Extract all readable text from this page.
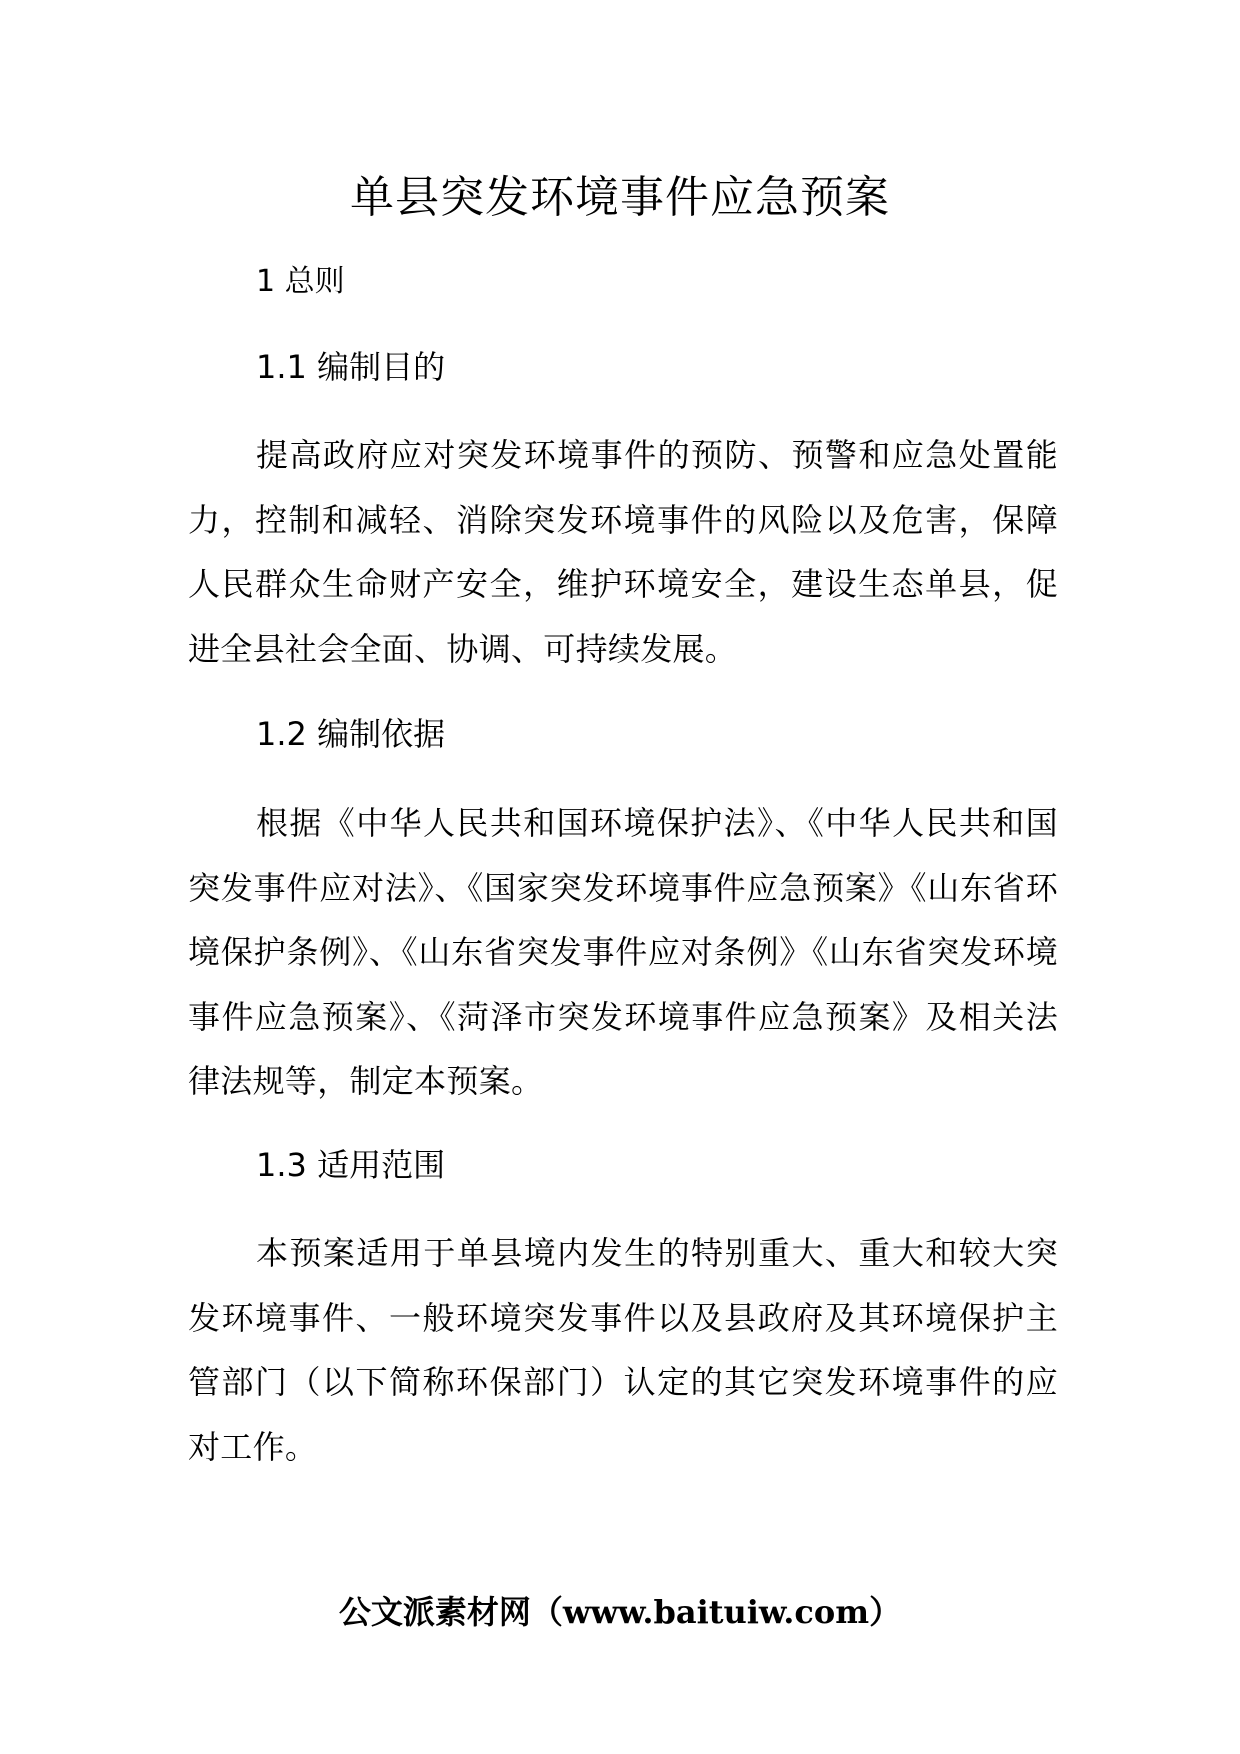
单县突发环境事件应急预案
1 总则
1.1 编制目的
提高政府应对突发环境事件的预防、预警和应急处置能力，控制和减轻、消除突发环境事件的风险以及危害，保障人民群众生命财产安全，维护环境安全，建设生态单县，促进全县社会全面、协调、可持续发展。
1.2 编制依据
根据《中华人民共和国环境保护法》、《中华人民共和国突发事件应对法》、《国家突发环境事件应急预案》《山东省环境保护条例》、《山东省突发事件应对条例》《山东省突发环境事件应急预案》、《菏泽市突发环境事件应急预案》及相关法律法规等，制定本预案。
1.3 适用范围
本预案适用于单县境内发生的特别重大、重大和较大突发环境事件、一般环境突发事件以及县政府及其环境保护主管部门（以下简称环保部门）认定的其它突发环境事件的应对工作。
公文派素材网（www.baituiw.com）
